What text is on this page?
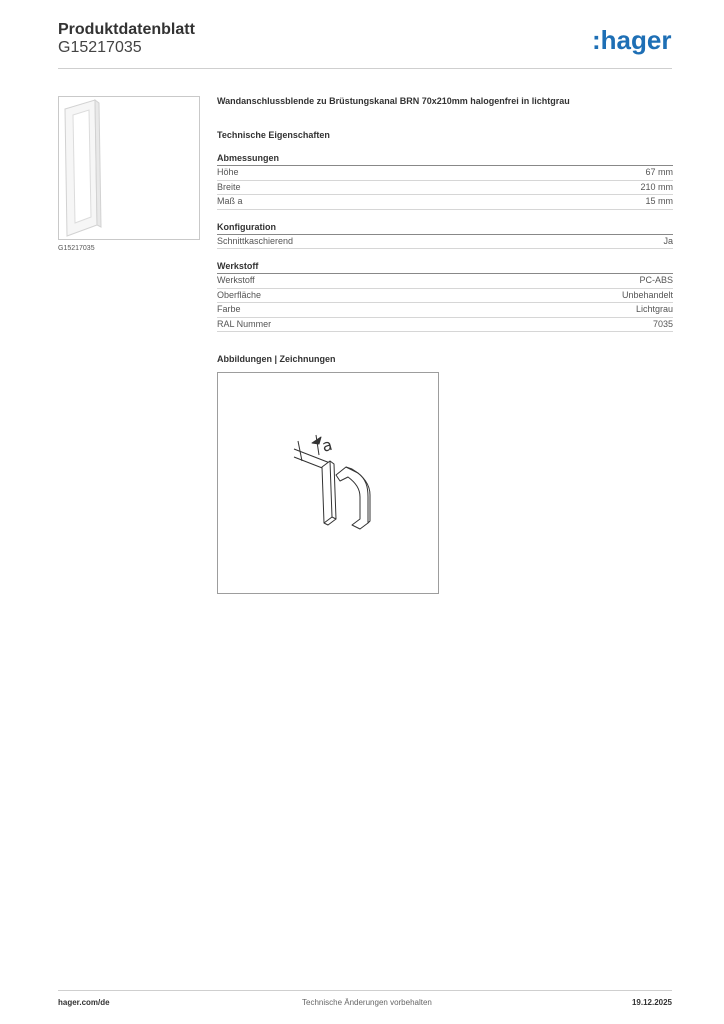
Produktdatenblatt
G15217035	:hager
G15217035
Wandanschlussblende zu Brüstungskanal BRN 70x210mm halogenfrei in lichtgrau
Technische Eigenschaften
Abmessungen
Höhe	67 mm
Breite	210 mm
Maß a	15 mm
Konfiguration
Schnittkaschierend	Ja
Werkstoff
Werkstoff	PC-ABS
Oberfläche	Unbehandelt
Farbe	Lichtgrau
RAL Nummer	7035
Abbildungen | Zeichnungen
a
hager.com/de	Technische Änderungen vorbehalten	19.12.2025
